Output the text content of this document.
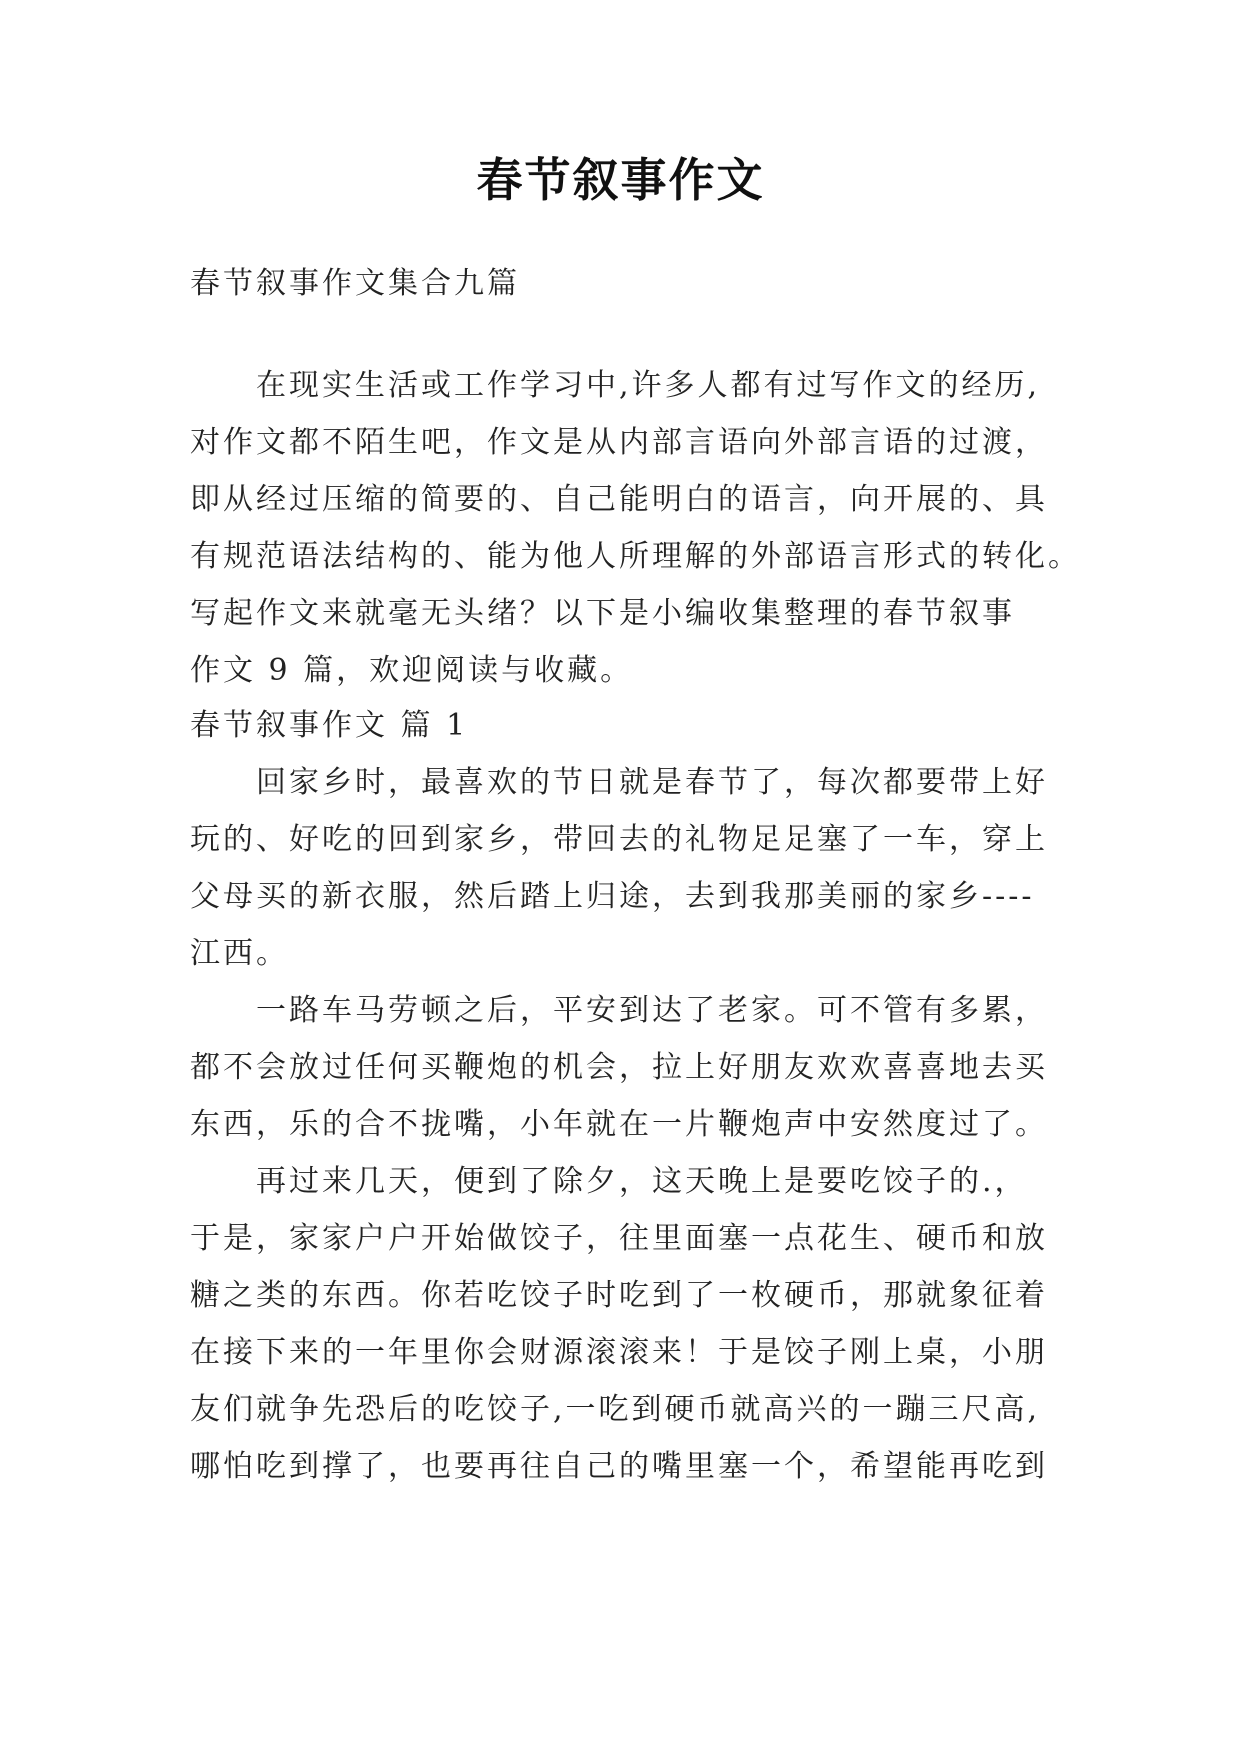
春节叙事作文
春节叙事作文集合九篇
在现实生活或工作学习中,许多人都有过写作文的经历,
对作文都不陌生吧，作文是从内部言语向外部言语的过渡，
即从经过压缩的简要的、自己能明白的语言，向开展的、具
有规范语法结构的、能为他人所理解的外部语言形式的转化。
写起作文来就毫无头绪？以下是小编收集整理的春节叙事
作文 9 篇，欢迎阅读与收藏。
春节叙事作文 篇 1
回家乡时，最喜欢的节日就是春节了，每次都要带上好
玩的、好吃的回到家乡，带回去的礼物足足塞了一车，穿上
父母买的新衣服，然后踏上归途，去到我那美丽的家乡----
江西。
一路车马劳顿之后，平安到达了老家。可不管有多累，
都不会放过任何买鞭炮的机会，拉上好朋友欢欢喜喜地去买
东西，乐的合不拢嘴，小年就在一片鞭炮声中安然度过了。
再过来几天，便到了除夕，这天晚上是要吃饺子的.，
于是，家家户户开始做饺子，往里面塞一点花生、硬币和放
糖之类的东西。你若吃饺子时吃到了一枚硬币，那就象征着
在接下来的一年里你会财源滚滚来！于是饺子刚上桌，小朋
友们就争先恐后的吃饺子,一吃到硬币就高兴的一蹦三尺高,
哪怕吃到撑了，也要再往自己的嘴里塞一个，希望能再吃到
